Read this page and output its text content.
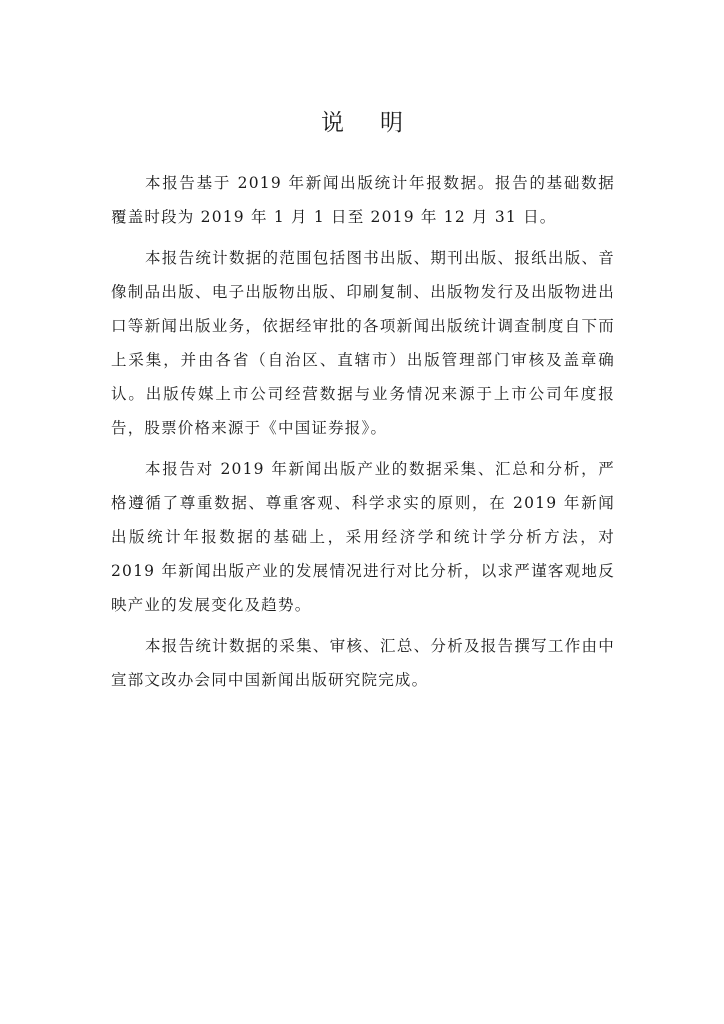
说明

本报告基于 2019 年新闻出版统计年报数据。报告的基础数据覆盖时段为 2019 年 1 月 1 日至 2019 年 12 月 31 日。

本报告统计数据的范围包括图书出版、期刊出版、报纸出版、音像制品出版、电子出版物出版、印刷复制、出版物发行及出版物进出口等新闻出版业务，依据经审批的各项新闻出版统计调查制度自下而上采集，并由各省（自治区、直辖市）出版管理部门审核及盖章确认。出版传媒上市公司经营数据与业务情况来源于上市公司年度报告，股票价格来源于《中国证券报》。

本报告对 2019 年新闻出版产业的数据采集、汇总和分析，严格遵循了尊重数据、尊重客观、科学求实的原则，在 2019 年新闻出版统计年报数据的基础上，采用经济学和统计学分析方法，对 2019 年新闻出版产业的发展情况进行对比分析，以求严谨客观地反映产业的发展变化及趋势。

本报告统计数据的采集、审核、汇总、分析及报告撰写工作由中宣部文改办会同中国新闻出版研究院完成。
